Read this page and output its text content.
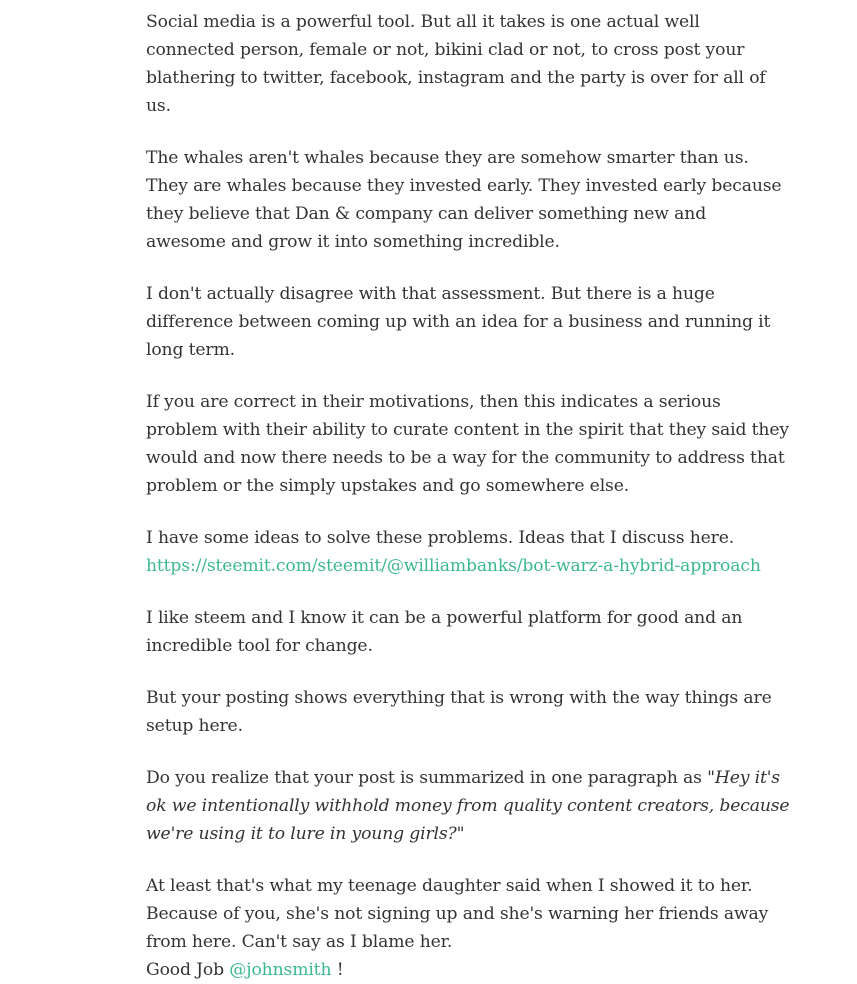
Social media is a powerful tool. But all it takes is one actual well connected person, female or not, bikini clad or not, to cross post your blathering to twitter, facebook, instagram and the party is over for all of us.

The whales aren't whales because they are somehow smarter than us. They are whales because they invested early. They invested early because they believe that Dan & company can deliver something new and awesome and grow it into something incredible.

I don't actually disagree with that assessment. But there is a huge difference between coming up with an idea for a business and running it long term.

If you are correct in their motivations, then this indicates a serious problem with their ability to curate content in the spirit that they said they would and now there needs to be a way for the community to address that problem or the simply upstakes and go somewhere else.

I have some ideas to solve these problems. Ideas that I discuss here.
https://steemit.com/steemit/@williambanks/bot-warz-a-hybrid-approach

I like steem and I know it can be a powerful platform for good and an incredible tool for change.

But your posting shows everything that is wrong with the way things are setup here.

Do you realize that your post is summarized in one paragraph as "Hey it's ok we intentionally withhold money from quality content creators, because we're using it to lure in young girls?"

At least that's what my teenage daughter said when I showed it to her. Because of you, she's not signing up and she's warning her friends away from here. Can't say as I blame her.
Good Job @johnsmith !
